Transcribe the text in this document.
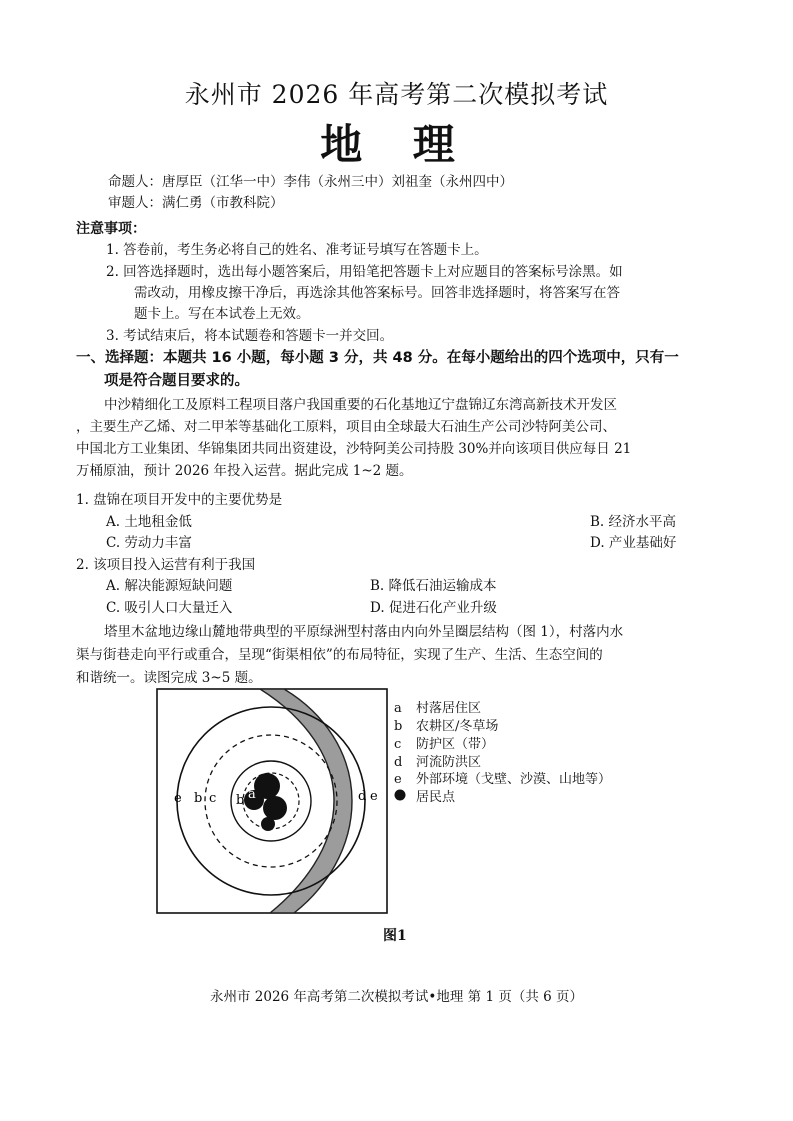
永州市 2026 年高考第二次模拟考试
地 理
命题人：唐厚臣（江华一中）李伟（永州三中）刘祖奎（永州四中）
审题人：满仁勇（市教科院）
注意事项：
1. 答卷前，考生务必将自己的姓名、准考证号填写在答题卡上。
2. 回答选择题时，选出每小题答案后，用铅笔把答题卡上对应题目的答案标号涂黑。如
需改动，用橡皮擦干净后，再选涂其他答案标号。回答非选择题时，将答案写在答
题卡上。写在本试卷上无效。
3. 考试结束后，将本试题卷和答题卡一并交回。
一、选择题：本题共 16 小题，每小题 3 分，共 48 分。在每小题给出的四个选项中，只有一
项是符合题目要求的。
中沙精细化工及原料工程项目落户我国重要的石化基地辽宁盘锦辽东湾高新技术开发区
，主要生产乙烯、对二甲苯等基础化工原料，项目由全球最大石油生产公司沙特阿美公司、
中国北方工业集团、华锦集团共同出资建设，沙特阿美公司持股 30%并向该项目供应每日 21
万桶原油，预计 2026 年投入运营。据此完成 1~2 题。
1. 盘锦在项目开发中的主要优势是
A. 土地租金低	B. 经济水平高
C. 劳动力丰富	D. 产业基础好
2. 该项目投入运营有利于我国
A. 解决能源短缺问题	B. 降低石油运输成本
C. 吸引人口大量迁入	D. 促进石化产业升级
塔里木盆地边缘山麓地带典型的平原绿洲型村落由内向外呈圈层结构（图 1），村落内水
渠与街巷走向平行或重合，呈现“街渠相依”的布局特征，实现了生产、生活、生态空间的
和谐统一。读图完成 3~5 题。
e b c b a	d e
a 村落居住区
b 农耕区/冬草场
c 防护区（带）
d 河流防洪区
e 外部环境（戈壁、沙漠、山地等）
居民点
图1
永州市 2026 年高考第二次模拟考试•地理 第 1 页（共 6 页）
